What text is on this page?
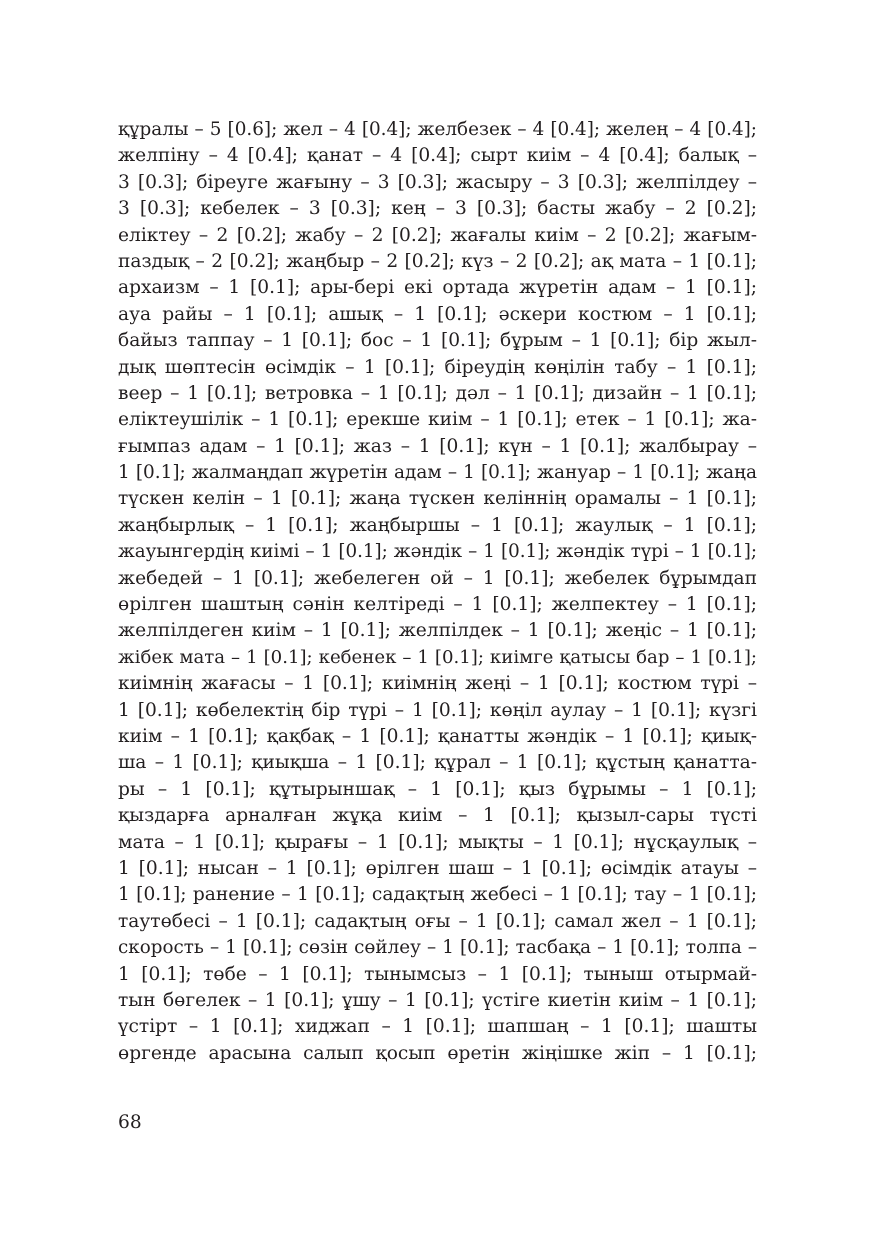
құралы – 5 [0.6]; жел – 4 [0.4]; желбезек – 4 [0.4]; желең – 4 [0.4];
желпіну – 4 [0.4]; қанат – 4 [0.4]; сырт киім – 4 [0.4]; балық –
3 [0.3]; біреуге жағыну – 3 [0.3]; жасыру – 3 [0.3]; желпілдеу –
3 [0.3]; кебелек – 3 [0.3]; кең – 3 [0.3]; басты жабу – 2 [0.2];
еліктеу – 2 [0.2]; жабу – 2 [0.2]; жағалы киім – 2 [0.2]; жағым-
паздық – 2 [0.2]; жаңбыр – 2 [0.2]; күз – 2 [0.2]; ақ мата – 1 [0.1];
архаизм – 1 [0.1]; ары-бері екі ортада жүретін адам – 1 [0.1];
ауа райы – 1 [0.1]; ашық – 1 [0.1]; әскери костюм – 1 [0.1];
байыз таппау – 1 [0.1]; бос – 1 [0.1]; бұрым – 1 [0.1]; бір жыл-
дық шөптесін өсімдік – 1 [0.1]; біреудің көңілін табу – 1 [0.1];
веер – 1 [0.1]; ветровка – 1 [0.1]; дәл – 1 [0.1]; дизайн – 1 [0.1];
еліктеушілік – 1 [0.1]; ерекше киім – 1 [0.1]; етек – 1 [0.1]; жа-
ғымпаз адам – 1 [0.1]; жаз – 1 [0.1]; күн – 1 [0.1]; жалбырау –
1 [0.1]; жалмаңдап жүретін адам – 1 [0.1]; жануар – 1 [0.1]; жаңа
түскен келін – 1 [0.1]; жаңа түскен келіннің орамалы – 1 [0.1];
жаңбырлық – 1 [0.1]; жаңбыршы – 1 [0.1]; жаулық – 1 [0.1];
жауынгердің киімі – 1 [0.1]; жәндік – 1 [0.1]; жәндік түрі – 1 [0.1];
жебедей – 1 [0.1]; жебелеген ой – 1 [0.1]; жебелек бұрымдап
өрілген шаштың сәнін келтіреді – 1 [0.1]; желпектеу – 1 [0.1];
желпілдеген киім – 1 [0.1]; желпілдек – 1 [0.1]; жеңіс – 1 [0.1];
жібек мата – 1 [0.1]; кебенек – 1 [0.1]; киімге қатысы бар – 1 [0.1];
киімнің жағасы – 1 [0.1]; киімнің жеңі – 1 [0.1]; костюм түрі –
1 [0.1]; көбелектің бір түрі – 1 [0.1]; көңіл аулау – 1 [0.1]; күзгі
киім – 1 [0.1]; қақбақ – 1 [0.1]; қанатты жәндік – 1 [0.1]; қиық-
ша – 1 [0.1]; қиықша – 1 [0.1]; құрал – 1 [0.1]; құстың қанатта-
ры – 1 [0.1]; құтырыншақ – 1 [0.1]; қыз бұрымы – 1 [0.1];
қыздарға арналған жұқа киім – 1 [0.1]; қызыл-сары түсті
мата – 1 [0.1]; қырағы – 1 [0.1]; мықты – 1 [0.1]; нұсқаулық –
1 [0.1]; нысан – 1 [0.1]; өрілген шаш – 1 [0.1]; өсімдік атауы –
1 [0.1]; ранение – 1 [0.1]; садақтың жебесі – 1 [0.1]; тау – 1 [0.1];
таутөбесі – 1 [0.1]; садақтың оғы – 1 [0.1]; самал жел – 1 [0.1];
скорость – 1 [0.1]; сөзін сөйлеу – 1 [0.1]; тасбақа – 1 [0.1]; толпа –
1 [0.1]; төбе – 1 [0.1]; тынымсыз – 1 [0.1]; тыныш отырмай-
тын бөгелек – 1 [0.1]; ұшу – 1 [0.1]; үстіге киетін киім – 1 [0.1];
үстірт – 1 [0.1]; хиджап – 1 [0.1]; шапшаң – 1 [0.1]; шашты
өргенде арасына салып қосып өретін жіңішке жіп – 1 [0.1];
68
